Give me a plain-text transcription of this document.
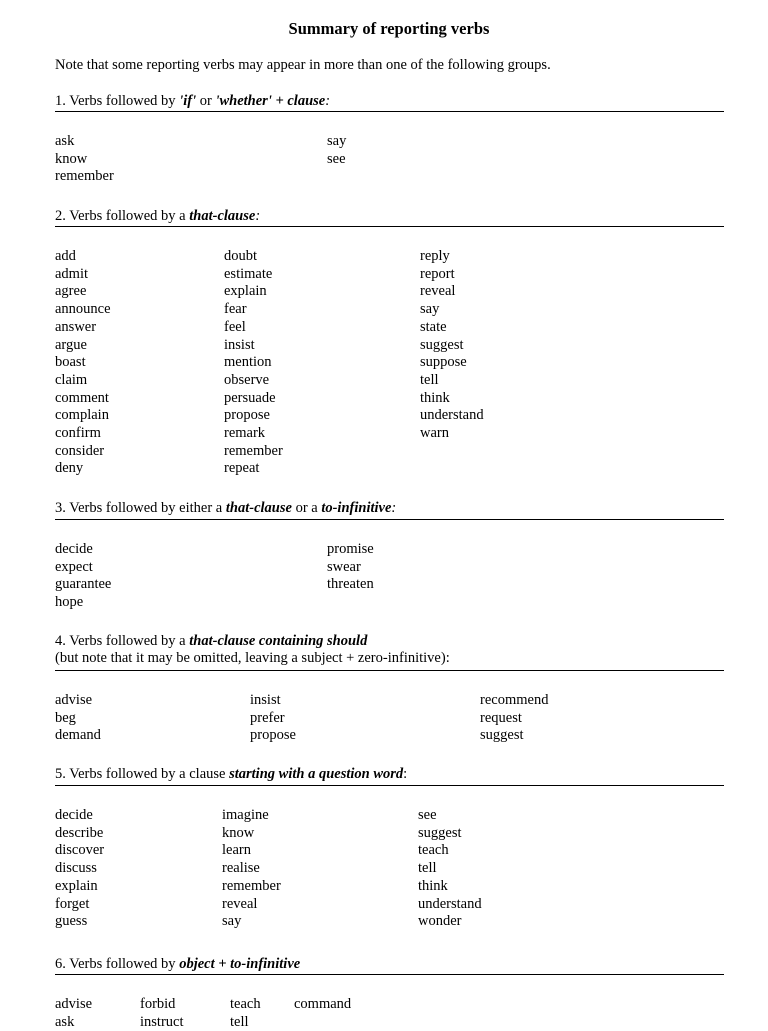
Summary of reporting verbs
Note that some reporting verbs may appear in more than one of the following groups.
1. Verbs followed by 'if' or 'whether' + clause:
ask
know
remember
say
see
2. Verbs followed by a that-clause:
add
admit
agree
announce
answer
argue
boast
claim
comment
complain
confirm
consider
deny
doubt
estimate
explain
fear
feel
insist
mention
observe
persuade
propose
remark
remember
repeat
reply
report
reveal
say
state
suggest
suppose
tell
think
understand
warn
3. Verbs followed by either a that-clause or a to-infinitive:
decide
expect
guarantee
hope
promise
swear
threaten
4. Verbs followed by a that-clause containing should
(but note that it may be omitted, leaving a subject + zero-infinitive):
advise
beg
demand
insist
prefer
propose
recommend
request
suggest
5. Verbs followed by a clause starting with a question word:
decide
describe
discover
discuss
explain
forget
guess
imagine
know
learn
realise
remember
reveal
say
see
suggest
teach
tell
think
understand
wonder
6. Verbs followed by object + to-infinitive
advise
ask
forbid
instruct
teach
tell
command
